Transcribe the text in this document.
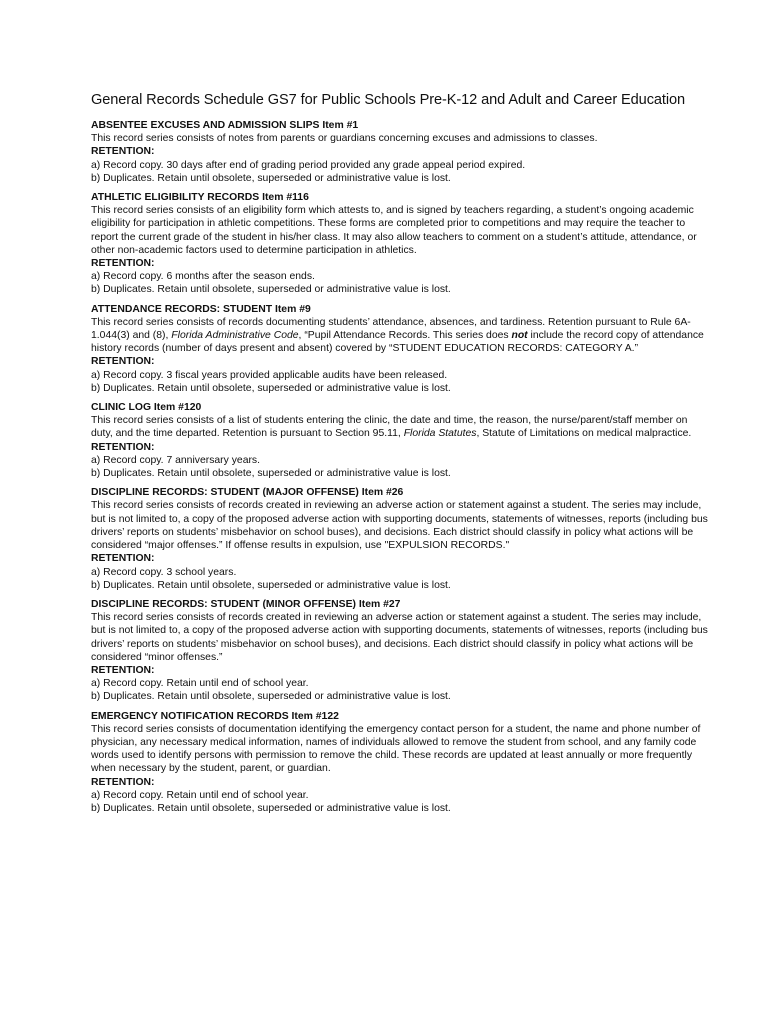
General Records Schedule GS7 for Public Schools Pre-K-12 and Adult and Career Education
ABSENTEE EXCUSES AND ADMISSION SLIPS Item #1
This record series consists of notes from parents or guardians concerning excuses and admissions to classes.
RETENTION:
a) Record copy. 30 days after end of grading period provided any grade appeal period expired.
b) Duplicates. Retain until obsolete, superseded or administrative value is lost.
ATHLETIC ELIGIBILITY RECORDS Item #116
This record series consists of an eligibility form which attests to, and is signed by teachers regarding, a student’s ongoing academic eligibility for participation in athletic competitions. These forms are completed prior to competitions and may require the teacher to report the current grade of the student in his/her class. It may also allow teachers to comment on a student’s attitude, attendance, or other non-academic factors used to determine participation in athletics.
RETENTION:
a) Record copy. 6 months after the season ends.
b) Duplicates. Retain until obsolete, superseded or administrative value is lost.
ATTENDANCE RECORDS: STUDENT Item #9
This record series consists of records documenting students’ attendance, absences, and tardiness. Retention pursuant to Rule 6A-1.044(3) and (8), Florida Administrative Code, “Pupil Attendance Records. This series does not include the record copy of attendance history records (number of days present and absent) covered by “STUDENT EDUCATION RECORDS: CATEGORY A.”
RETENTION:
a) Record copy. 3 fiscal years provided applicable audits have been released.
b) Duplicates. Retain until obsolete, superseded or administrative value is lost.
CLINIC LOG Item #120
This record series consists of a list of students entering the clinic, the date and time, the reason, the nurse/parent/staff member on duty, and the time departed. Retention is pursuant to Section 95.11, Florida Statutes, Statute of Limitations on medical malpractice.
RETENTION:
a) Record copy. 7 anniversary years.
b) Duplicates. Retain until obsolete, superseded or administrative value is lost.
DISCIPLINE RECORDS: STUDENT (MAJOR OFFENSE) Item #26
This record series consists of records created in reviewing an adverse action or statement against a student. The series may include, but is not limited to, a copy of the proposed adverse action with supporting documents, statements of witnesses, reports (including bus drivers’ reports on students’ misbehavior on school buses), and decisions. Each district should classify in policy what actions will be considered “major offenses.” If offense results in expulsion, use "EXPULSION RECORDS."
RETENTION:
a) Record copy. 3 school years.
b) Duplicates. Retain until obsolete, superseded or administrative value is lost.
DISCIPLINE RECORDS: STUDENT (MINOR OFFENSE) Item #27
This record series consists of records created in reviewing an adverse action or statement against a student. The series may include, but is not limited to, a copy of the proposed adverse action with supporting documents, statements of witnesses, reports (including bus drivers’ reports on students’ misbehavior on school buses), and decisions. Each district should classify in policy what actions will be considered “minor offenses.”
RETENTION:
a) Record copy. Retain until end of school year.
b) Duplicates. Retain until obsolete, superseded or administrative value is lost.
EMERGENCY NOTIFICATION RECORDS Item #122
This record series consists of documentation identifying the emergency contact person for a student, the name and phone number of physician, any necessary medical information, names of individuals allowed to remove the student from school, and any family code words used to identify persons with permission to remove the child. These records are updated at least annually or more frequently when necessary by the student, parent, or guardian.
RETENTION:
a) Record copy. Retain until end of school year.
b) Duplicates. Retain until obsolete, superseded or administrative value is lost.
